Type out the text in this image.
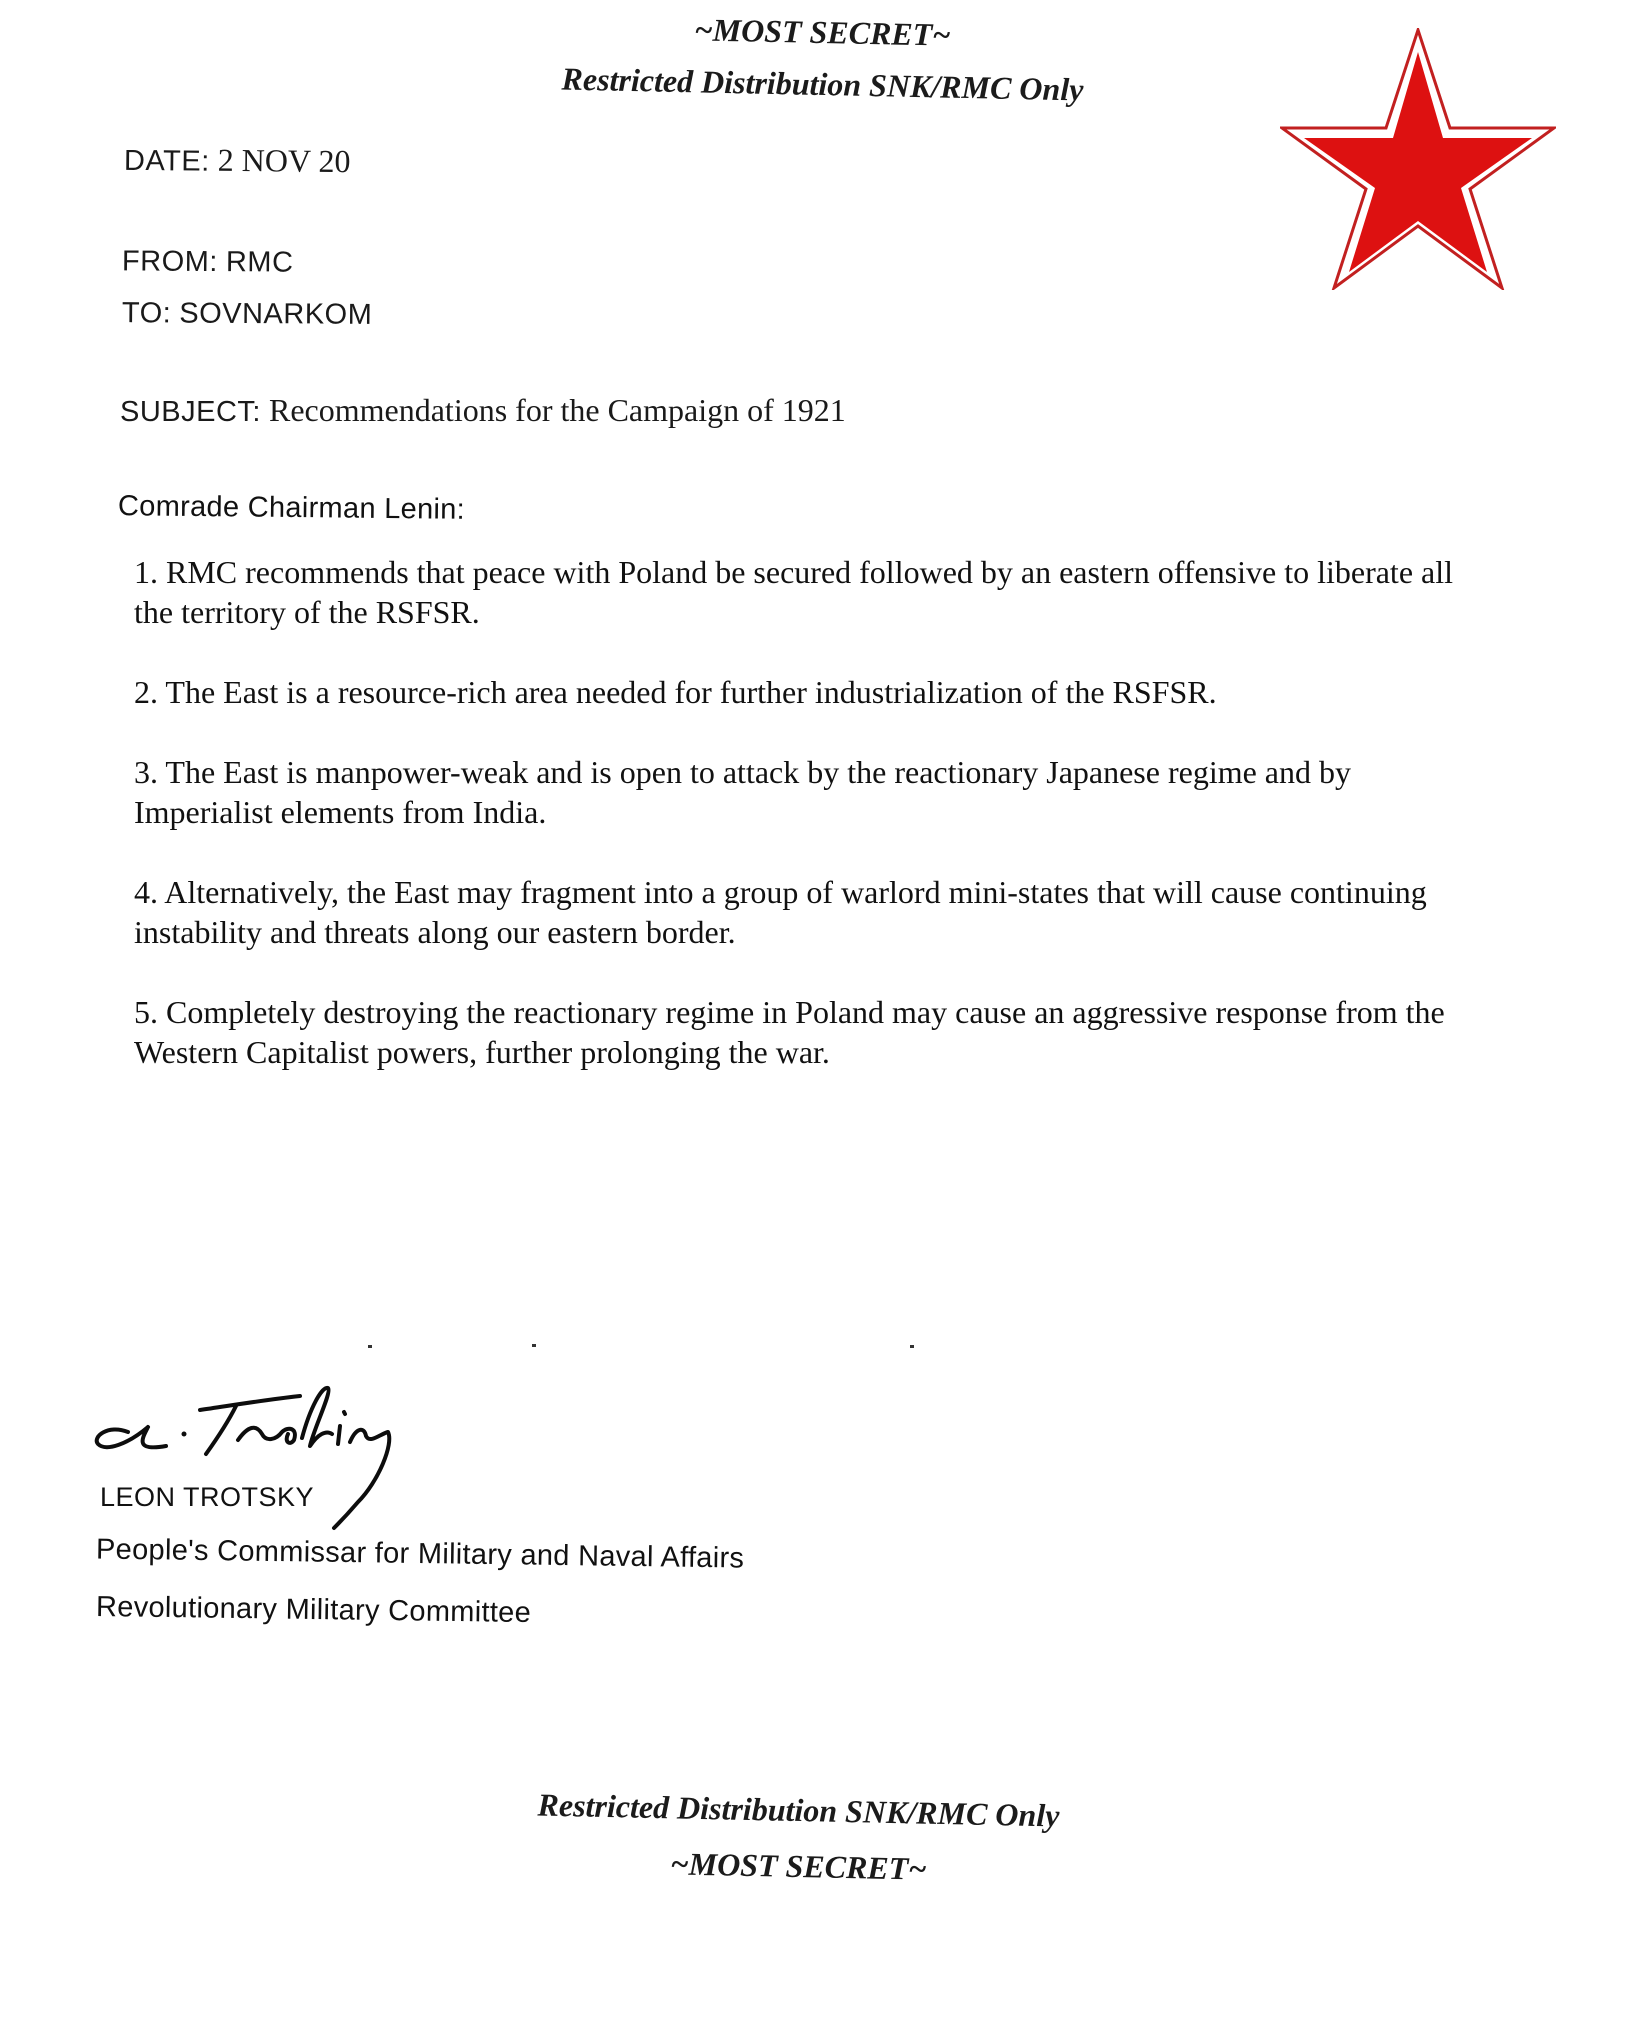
~MOST SECRET~
Restricted Distribution SNK/RMC Only
DATE: 2 NOV 20
FROM: RMC
TO: SOVNARKOM
SUBJECT: Recommendations for the Campaign of 1921
Comrade Chairman Lenin:
1. RMC recommends that peace with Poland be secured followed by an eastern offensive to liberate all the territory of the RSFSR.
2. The East is a resource-rich area needed for further industrialization of the RSFSR.
3. The East is manpower-weak and is open to attack by the reactionary Japanese regime and by Imperialist elements from India.
4. Alternatively, the East may fragment into a group of warlord mini-states that will cause continuing instability and threats along our eastern border.
5. Completely destroying the reactionary regime in Poland may cause an aggressive response from the Western Capitalist powers, further prolonging the war.
LEON TROTSKY
People's Commissar for Military and Naval Affairs
Revolutionary Military Committee
Restricted Distribution SNK/RMC Only
~MOST SECRET~
